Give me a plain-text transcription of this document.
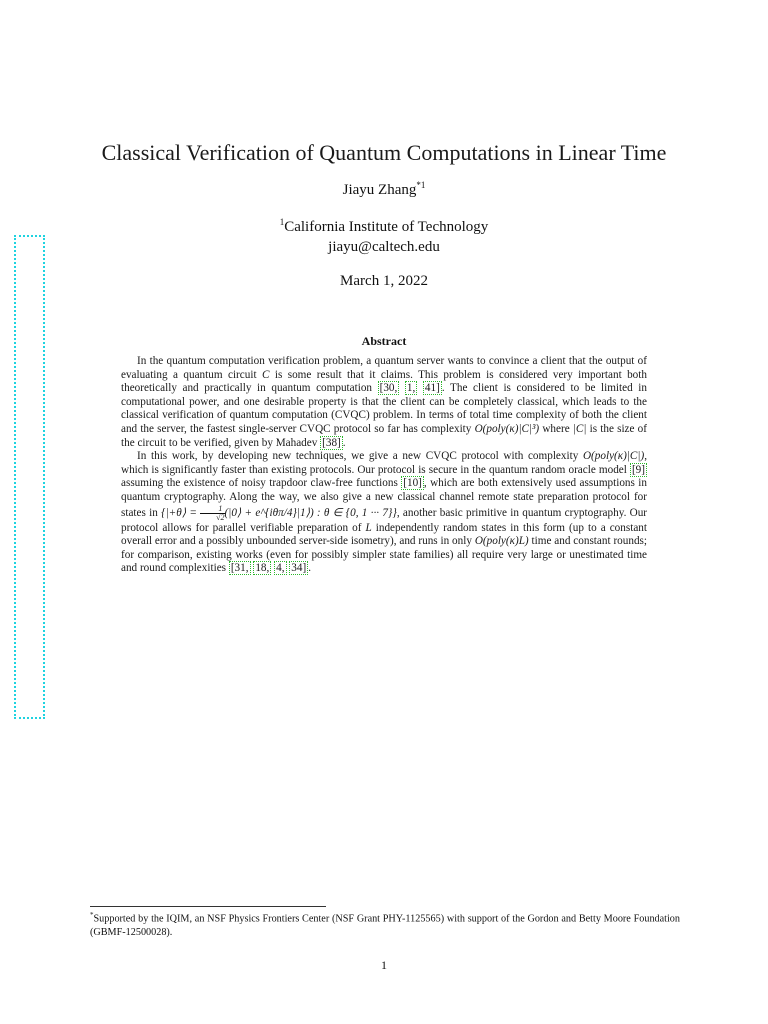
Classical Verification of Quantum Computations in Linear Time
Jiayu Zhang$^{*1}$
$^1$California Institute of Technology
jiayu@caltech.edu
March 1, 2022
Abstract

In the quantum computation verification problem, a quantum server wants to convince a client that the output of evaluating a quantum circuit C is some result that it claims. This problem is considered very important both theoretically and practically in quantum computation [30, 1, 41] . The client is considered to be limited in computational power, and one desirable property is that the client can be completely classical, which leads to the classical verification of quantum computation (CVQC) problem. In terms of total time complexity of both the client and the server, the fastest single-server CVQC protocol so far has complexity O(poly(κ)|C|³) where |C| is the size of the circuit to be verified, given by Mahadev [38] .

In this work, by developing new techniques, we give a new CVQC protocol with complexity O(poly(κ)|C|), which is significantly faster than existing protocols. Our protocol is secure in the quantum random oracle model [9] assuming the existence of noisy trapdoor claw-free functions [10] , which are both extensively used assumptions in quantum cryptography. Along the way, we also give a new classical channel remote state preparation protocol for states in {|+θ⟩ = $\frac{1}{√2}$ (|0⟩ + e^{iθπ/4}|1⟩) : θ ∈ {0, 1 ··· 7}}, another basic primitive in quantum cryptography. Our protocol allows for parallel verifiable preparation of L independently random states in this form (up to a constant overall error and a possibly unbounded server-side isometry), and runs in only O(poly(κ)L) time and constant rounds; for comparison, existing works (even for possibly simpler state families) all require very large or unestimated time and round complexities [31, 18, 4, 34] .

*Supported by the IQIM, an NSF Physics Frontiers Center (NSF Grant PHY-1125565) with support of the Gordon and Betty Moore Foundation (GBMF-12500028).
1
